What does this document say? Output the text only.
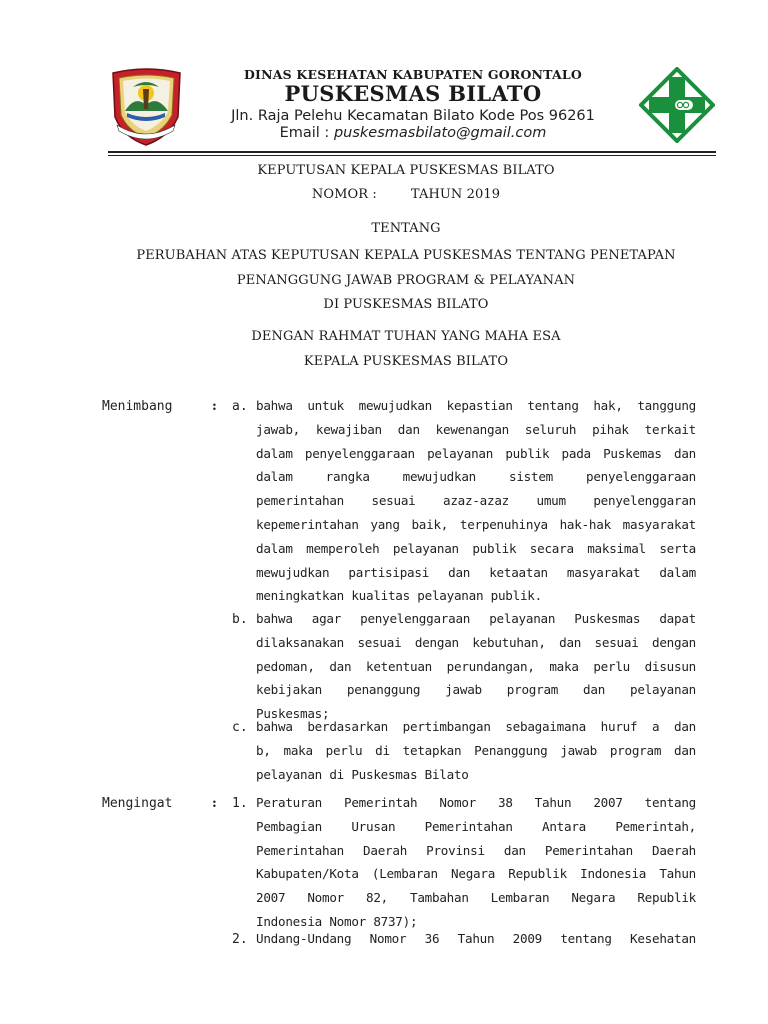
DINAS KESEHATAN KABUPATEN GORONTALO
PUSKESMAS BILATO
Jln. Raja Pelehu Kecamatan Bilato Kode Pos 96261
Email : puskesmasbilato@gmail.com
KEPUTUSAN KEPALA PUSKESMAS BILATO
NOMOR :	TAHUN 2019
TENTANG
PERUBAHAN ATAS KEPUTUSAN KEPALA PUSKESMAS TENTANG PENETAPAN
PENANGGUNG JAWAB PROGRAM & PELAYANAN
DI PUSKESMAS BILATO
DENGAN RAHMAT TUHAN YANG MAHA ESA
KEPALA PUSKESMAS BILATO
Menimbang	: a. bahwa untuk mewujudkan kepastian tentang hak, tanggung
jawab, kewajiban dan kewenangan seluruh pihak terkait
dalam penyelenggaraan pelayanan publik pada Puskemas dan
dalam rangka mewujudkan sistem penyelenggaraan
pemerintahan sesuai azaz-azaz umum penyelenggaran
kepemerintahan yang baik, terpenuhinya hak-hak masyarakat
dalam memperoleh pelayanan publik secara maksimal serta
mewujudkan partisipasi dan ketaatan masyarakat dalam
meningkatkan kualitas pelayanan publik.
b. bahwa agar penyelenggaraan pelayanan Puskesmas dapat
dilaksanakan sesuai dengan kebutuhan, dan sesuai dengan
pedoman, dan ketentuan perundangan, maka perlu disusun
kebijakan penanggung jawab program dan pelayanan
Puskesmas;
c. bahwa berdasarkan pertimbangan sebagaimana huruf a dan
b, maka perlu di tetapkan Penanggung jawab program dan
pelayanan di Puskesmas Bilato
Mengingat	: 1. Peraturan Pemerintah Nomor 38 Tahun 2007 tentang
Pembagian Urusan Pemerintahan Antara Pemerintah,
Pemerintahan Daerah Provinsi dan Pemerintahan Daerah
Kabupaten/Kota (Lembaran Negara Republik Indonesia Tahun
2007 Nomor 82, Tambahan Lembaran Negara Republik
Indonesia Nomor 8737);
2. Undang-Undang Nomor 36 Tahun 2009 tentang Kesehatan
